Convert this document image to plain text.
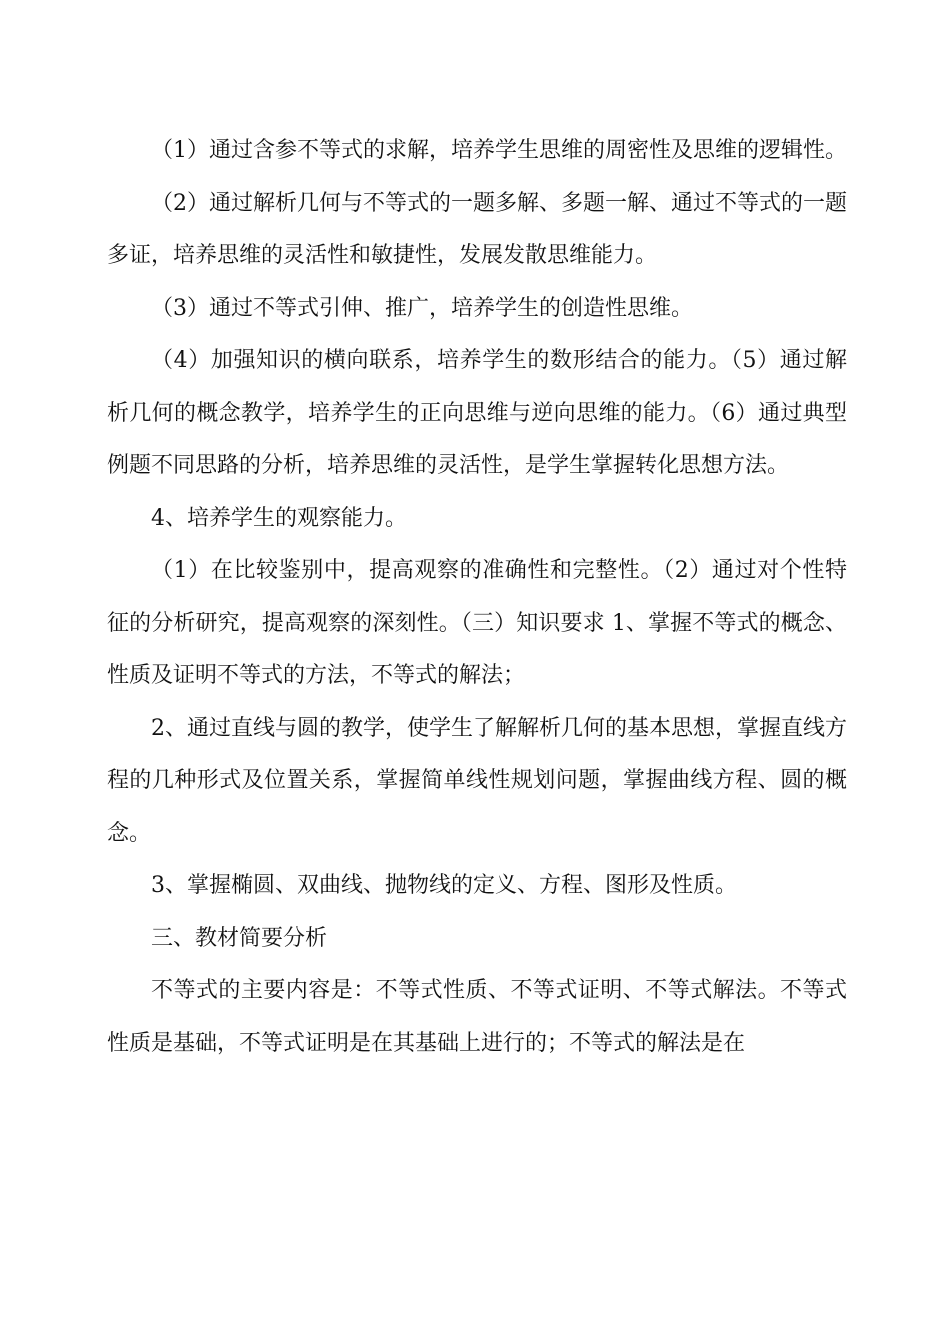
（1）通过含参不等式的求解，培养学生思维的周密性及思维的逻辑性。

（2）通过解析几何与不等式的一题多解、多题一解、通过不等式的一题多证，培养思维的灵活性和敏捷性，发展发散思维能力。

（3）通过不等式引伸、推广，培养学生的创造性思维。

（4）加强知识的横向联系，培养学生的数形结合的能力。（5）通过解析几何的概念教学，培养学生的正向思维与逆向思维的能力。（6）通过典型例题不同思路的分析，培养思维的灵活性，是学生掌握转化思想方法。

4、培养学生的观察能力。

（1）在比较鉴别中，提高观察的准确性和完整性。（2）通过对个性特征的分析研究，提高观察的深刻性。（三）知识要求 1、掌握不等式的概念、性质及证明不等式的方法，不等式的解法；

2、通过直线与圆的教学，使学生了解解析几何的基本思想，掌握直线方程的几种形式及位置关系，掌握简单线性规划问题，掌握曲线方程、圆的概念。

3、掌握椭圆、双曲线、抛物线的定义、方程、图形及性质。

三、教材简要分析

不等式的主要内容是：不等式性质、不等式证明、不等式解法。不等式性质是基础，不等式证明是在其基础上进行的；不等式的解法是在
